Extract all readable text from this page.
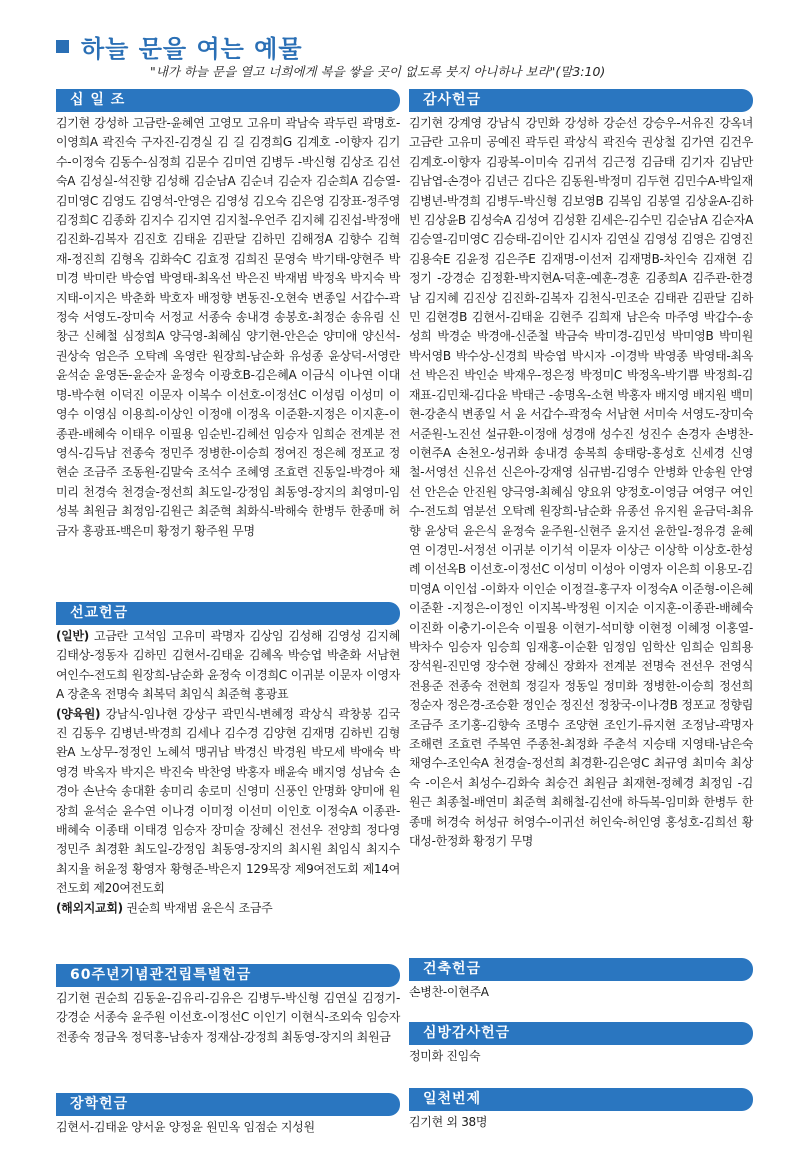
하늘 문을 여는 예물
"내가 하늘 문을 열고 너희에게 복을 쌓을 곳이 없도록 붓지 아니하나 보라"(말3:10)
십 일 조
김기현 강성하 고금란-윤혜연 고영모 고유미 곽남숙 곽두린 곽명호-이영희A 곽진숙 구자진-김경실 김 길 김경희G 김계호 -이향자 김기수-이정숙 김동수-심정희 김문수 김미연 김병두 -박신형 김상조 김선숙A 김성실-석진향 김성해 김순남A 김순녀 김순자 김순희A 김승열-김미영C 김영도 김영석-안영은 김영성 김오숙 김은영 김장표-정주영 김정희C 김종화 김지수 김지연 김지철-우언주 김지혜 김진섭-박정애 김진화-김복자 김진호 김태윤 김판달 김하민 김해정A 김향수 김혁재-정진희 김형옥 김화숙C 김효정 김희진 문영숙 박기태-양현주 박미경 박미란 박승엽 박영태-최옥선 박은진 박재범 박정옥 박지숙 박지태-이지은 박춘화 박호자 배정향 변동진-오현숙 변종일 서갑수-곽정숙 서영도-장미숙 서정교 서종숙 송내경 송봉호-최정순 송유림 신창근 신혜철 심정희A 양극영-최혜심 양기현-안은순 양미애 양신석-권상숙 엄은주 오탁례 옥영란 원장희-남순화 유성종 윤상덕-서영란 윤석순 윤영돈-윤순자 윤정숙 이광호B-김은혜A 이금식 이나연 이대명-박수현 이덕진 이문자 이복수 이선호-이정선C 이성림 이성미 이영수 이영심 이용희-이상인 이정애 이정옥 이준환-지정은 이지훈-이종관-배혜숙 이태우 이필용 임순빈-김혜선 임승자 임희순 전계분 전영식-김득남 전종숙 정민주 정병한-이승희 정여진 정은혜 정포교 정현순 조금주 조동원-김말숙 조석수 조혜영 조효련 진동일-박경아 채미리 천경숙 천경술-정선희 최도일-강정임 최동영-장지의 최영미-임성복 최원금 최정임-김원근 최준혁 최화식-박해숙 한병두 한종매 허금자 홍광표-백은미 황정기 황주원 무명
선교헌금
(일반) 고금란 고석임 고유미 곽명자 김상임 김성해 김영성 김지혜 김태상-정동자 김하민 김현서-김태윤 김혜옥 박승엽 박춘화 서남현 여인수-전도희 원장희-남순화 윤정숙 이경희C 이귀분 이문자 이영자A 장춘옥 전명숙 최복덕 최임식 최준혁 홍광표
(양육원) 강남식-임나현 강상구 곽민식-변혜정 곽상식 곽창봉 김국진 김동우 김병년-박경희 김세나 김수경 김양현 김재명 김하빈 김형완A 노상무-정정인 노혜석 맹귀남 박경신 박경원 박모세 박애숙 박영경 박옥자 박지은 박진숙 박찬영 박홍자 배윤숙 배지영 성남숙 손경아 손난숙 송대환 송미리 송로미 신영미 신풍인 안명화 양미애 원장희 윤석순 윤수연 이나경 이미정 이선미 이인호 이정숙A 이종관-배혜숙 이종태 이태경 임승자 장미술 장혜신 전선우 전양희 정다영 정민주 최경환 최도일-강정임 최동영-장지의 최시원 최임식 최지수 최지율 허윤정 황영자 황형준-박은지 129목장 제9여전도회 제14여전도회 제20여전도회
(해외지교회) 권순희 박재범 윤은식 조금주
60주년기념관건립특별헌금
김기현 권순희 김동윤-김유리-김유은 김병두-박신형 김연실 김정기-강경순 서종숙 윤주원 이선호-이정선C 이인기 이현식-조외숙 임승자 전종숙 정금옥 정덕홍-남송자 정재삼-강정희 최동영-장지의 최원금
장학헌금
김현서-김태윤 양서윤 양정윤 원민옥 임점순 지성원
감사헌금
김기현 강계영 강남식 강민화 강성하 강순선 강승우-서유진 강옥녀 고금란 고유미 공예진 곽두린 곽상식 곽진숙 권상철 김가연 김건우 김계호-이향자 김광복-이미숙 김귀석 김근정 김금태 김기자 김남만 김남엽-손경아 김년근 김다은 김동원-박정미 김두현 김민수A-박일재 김병년-박경희 김병두-박신형 김보영B 김복임 김봉열 김상윤A-김하빈 김상윤B 김성숙A 김성여 김성환 김세은-김수민 김순남A 김순자A 김승열-김미영C 김승태-김이안 김시자 김연실 김영성 김영은 김영진 김용숙E 김윤정 김은주E 김재명-이선저 김재명B-차인숙 김재현 김정기 -강경순 김정환-박지현A-덕훈-예훈-경훈 김종희A 김주관-한경남 김지혜 김진상 김진화-김복자 김천식-민조순 김태관 김판달 김하민 김현경B 김현서-김태윤 김현주 김희재 남은숙 마주영 박갑수-송성희 박경순 박경애-신준철 박금숙 박미경-김민성 박미영B 박미원 박서영B 박수상-신경희 박승엽 박시자 -이경박 박영종 박영태-최옥선 박은진 박인순 박재우-정은정 박정미C 박정옥-박기쁨 박정희-김재표-김민채-김다윤 박태근 -송명옥-소현 박홍자 배지영 배지원 백미현-강춘식 변종일 서 윤 서갑수-곽정숙 서남현 서미숙 서영도-장미숙 서준원-노진선 설규환-이정애 성경애 성수진 성진수 손경자 손병찬-이현주A 손천오-성귀화 송내경 송복희 송태랑-홍성호 신세경 신영철-서영선 신유선 신은아-강재영 심규범-김영수 안병화 안송원 안영선 안은순 안진원 양극영-최혜심 양요위 양정호-이영금 여영구 여인수-전도희 염분선 오탁례 원장희-남순화 유종선 유지원 윤금덕-최유향 윤상덕 윤은식 윤정숙 윤주원-신현주 윤지선 윤한일-정유경 윤혜연 이경민-서정선 이귀분 이기석 이문자 이상근 이상학 이상호-한성례 이선옥B 이선호-이정선C 이성미 이성아 이영자 이은희 이용모-김미영A 이인섭 -이화자 이인순 이정걸-홍구자 이정숙A 이준형-이은혜 이준환 -지정은-이정인 이지복-박정원 이지순 이지훈-이종관-배혜숙 이진화 이충기-이은숙 이필용 이현기-석미향 이현정 이혜정 이홍열-박차수 임승자 임승희 임재홍-이순환 임정임 임학산 임희순 임희용 장석원-진민영 장수현 장혜신 장화자 전계분 전명숙 전선우 전영식 전용준 전종숙 전현희 정길자 정동일 정미화 정병한-이승희 정선희 정순자 정은경-조승환 정인순 정진선 정창국-이나경B 정포교 정향림 조금주 조기홍-김향숙 조명수 조양현 조인기-류지현 조정남-곽명자 조해련 조효련 주복연 주종천-최정화 주춘석 지승태 지영태-남은숙 채영수-조인숙A 천경술-정선희 최경환-김은영C 최규영 최미숙 최상숙 -이은서 최성수-김화숙 최승건 최원금 최재현-정혜경 최정임 -김원근 최종철-배연미 최준혁 최해철-김선애 하득복-임미화 한병두 한종매 허경숙 허성규 허영수-이귀선 허인숙-허인영 홍성호-김희선 황대성-한정화 황정기 무명
건축헌금
손병찬-이현주A
심방감사헌금
정미화 진임숙
일천번제
김기현 외 38명
